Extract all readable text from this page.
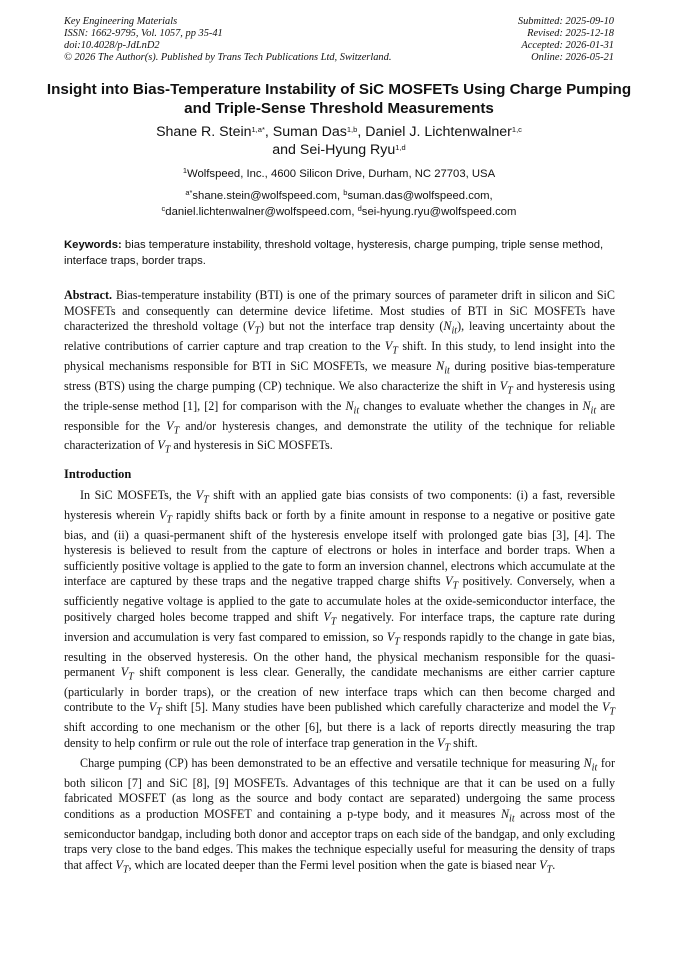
Key Engineering Materials
ISSN: 1662-9795, Vol. 1057, pp 35-41
doi:10.4028/p-JdLnD2
© 2026 The Author(s). Published by Trans Tech Publications Ltd, Switzerland.
Submitted: 2025-09-10
Revised: 2025-12-18
Accepted: 2026-01-31
Online: 2026-05-21
Insight into Bias-Temperature Instability of SiC MOSFETs Using Charge Pumping and Triple-Sense Threshold Measurements
Shane R. Stein$^{1,a*}$, Suman Das$^{1,b}$, Daniel J. Lichtenwalner$^{1,c}$
and Sei-Hyung Ryu$^{1,d}$
$^1$Wolfspeed, Inc., 4600 Silicon Drive, Durham, NC 27703, USA
$^{a*}$shane.stein@wolfspeed.com, $^b$suman.das@wolfspeed.com,
$^c$daniel.lichtenwalner@wolfspeed.com, $^d$sei-hyung.ryu@wolfspeed.com
Keywords: bias temperature instability, threshold voltage, hysteresis, charge pumping, triple sense method, interface traps, border traps.

Abstract. Bias-temperature instability (BTI) is one of the primary sources of parameter drift in silicon and SiC MOSFETs and consequently can determine device lifetime. Most studies of BTI in SiC MOSFETs have characterized the threshold voltage $(V_T)$ but not the interface trap density $(N_{it})$, leaving uncertainty about the relative contributions of carrier capture and trap creation to the $V_T$ shift. In this study, to lend insight into the physical mechanisms responsible for BTI in SiC MOSFETs, we measure $N_{it}$ during positive bias-temperature stress (BTS) using the charge pumping (CP) technique. We also characterize the shift in $V_T$ and hysteresis using the triple-sense method [1], [2] for comparison with the $N_{it}$ changes to evaluate whether the changes in $N_{it}$ are responsible for the $V_T$ and/or hysteresis changes, and demonstrate the utility of the technique for reliable characterization of $V_T$ and hysteresis in SiC MOSFETs.

Introduction

In SiC MOSFETs, the $V_T$ shift with an applied gate bias consists of two components: (i) a fast, reversible hysteresis wherein $V_T$ rapidly shifts back or forth by a finite amount in response to a negative or positive gate bias, and (ii) a quasi-permanent shift of the hysteresis envelope itself with prolonged gate bias [3], [4]. The hysteresis is believed to result from the capture of electrons or holes in interface and border traps. When a sufficiently positive voltage is applied to the gate to form an inversion channel, electrons which accumulate at the interface are captured by these traps and the negative trapped charge shifts $V_T$ positively. Conversely, when a sufficiently negative voltage is applied to the gate to accumulate holes at the oxide-semiconductor interface, the positively charged holes become trapped and shift $V_T$ negatively. For interface traps, the capture rate during inversion and accumulation is very fast compared to emission, so $V_T$ responds rapidly to the change in gate bias, resulting in the observed hysteresis. On the other hand, the physical mechanism responsible for the quasi-permanent $V_T$ shift component is less clear. Generally, the candidate mechanisms are either carrier capture (particularly in border traps), or the creation of new interface traps which can then become charged and contribute to the $V_T$ shift [5]. Many studies have been published which carefully characterize and model the $V_T$ shift according to one mechanism or the other [6], but there is a lack of reports directly measuring the trap density to help confirm or rule out the role of interface trap generation in the $V_T$ shift.

Charge pumping (CP) has been demonstrated to be an effective and versatile technique for measuring $N_{it}$ for both silicon [7] and SiC [8], [9] MOSFETs. Advantages of this technique are that it can be used on a fully fabricated MOSFET (as long as the source and body contact are separated) undergoing the same process conditions as a production MOSFET and containing a p-type body, and it measures $N_{it}$ across most of the semiconductor bandgap, including both donor and acceptor traps on each side of the bandgap, and only excluding traps very close to the band edges. This makes the technique especially useful for measuring the density of traps that affect $V_T$, which are located deeper than the Fermi level position when the gate is biased near $V_T$.
